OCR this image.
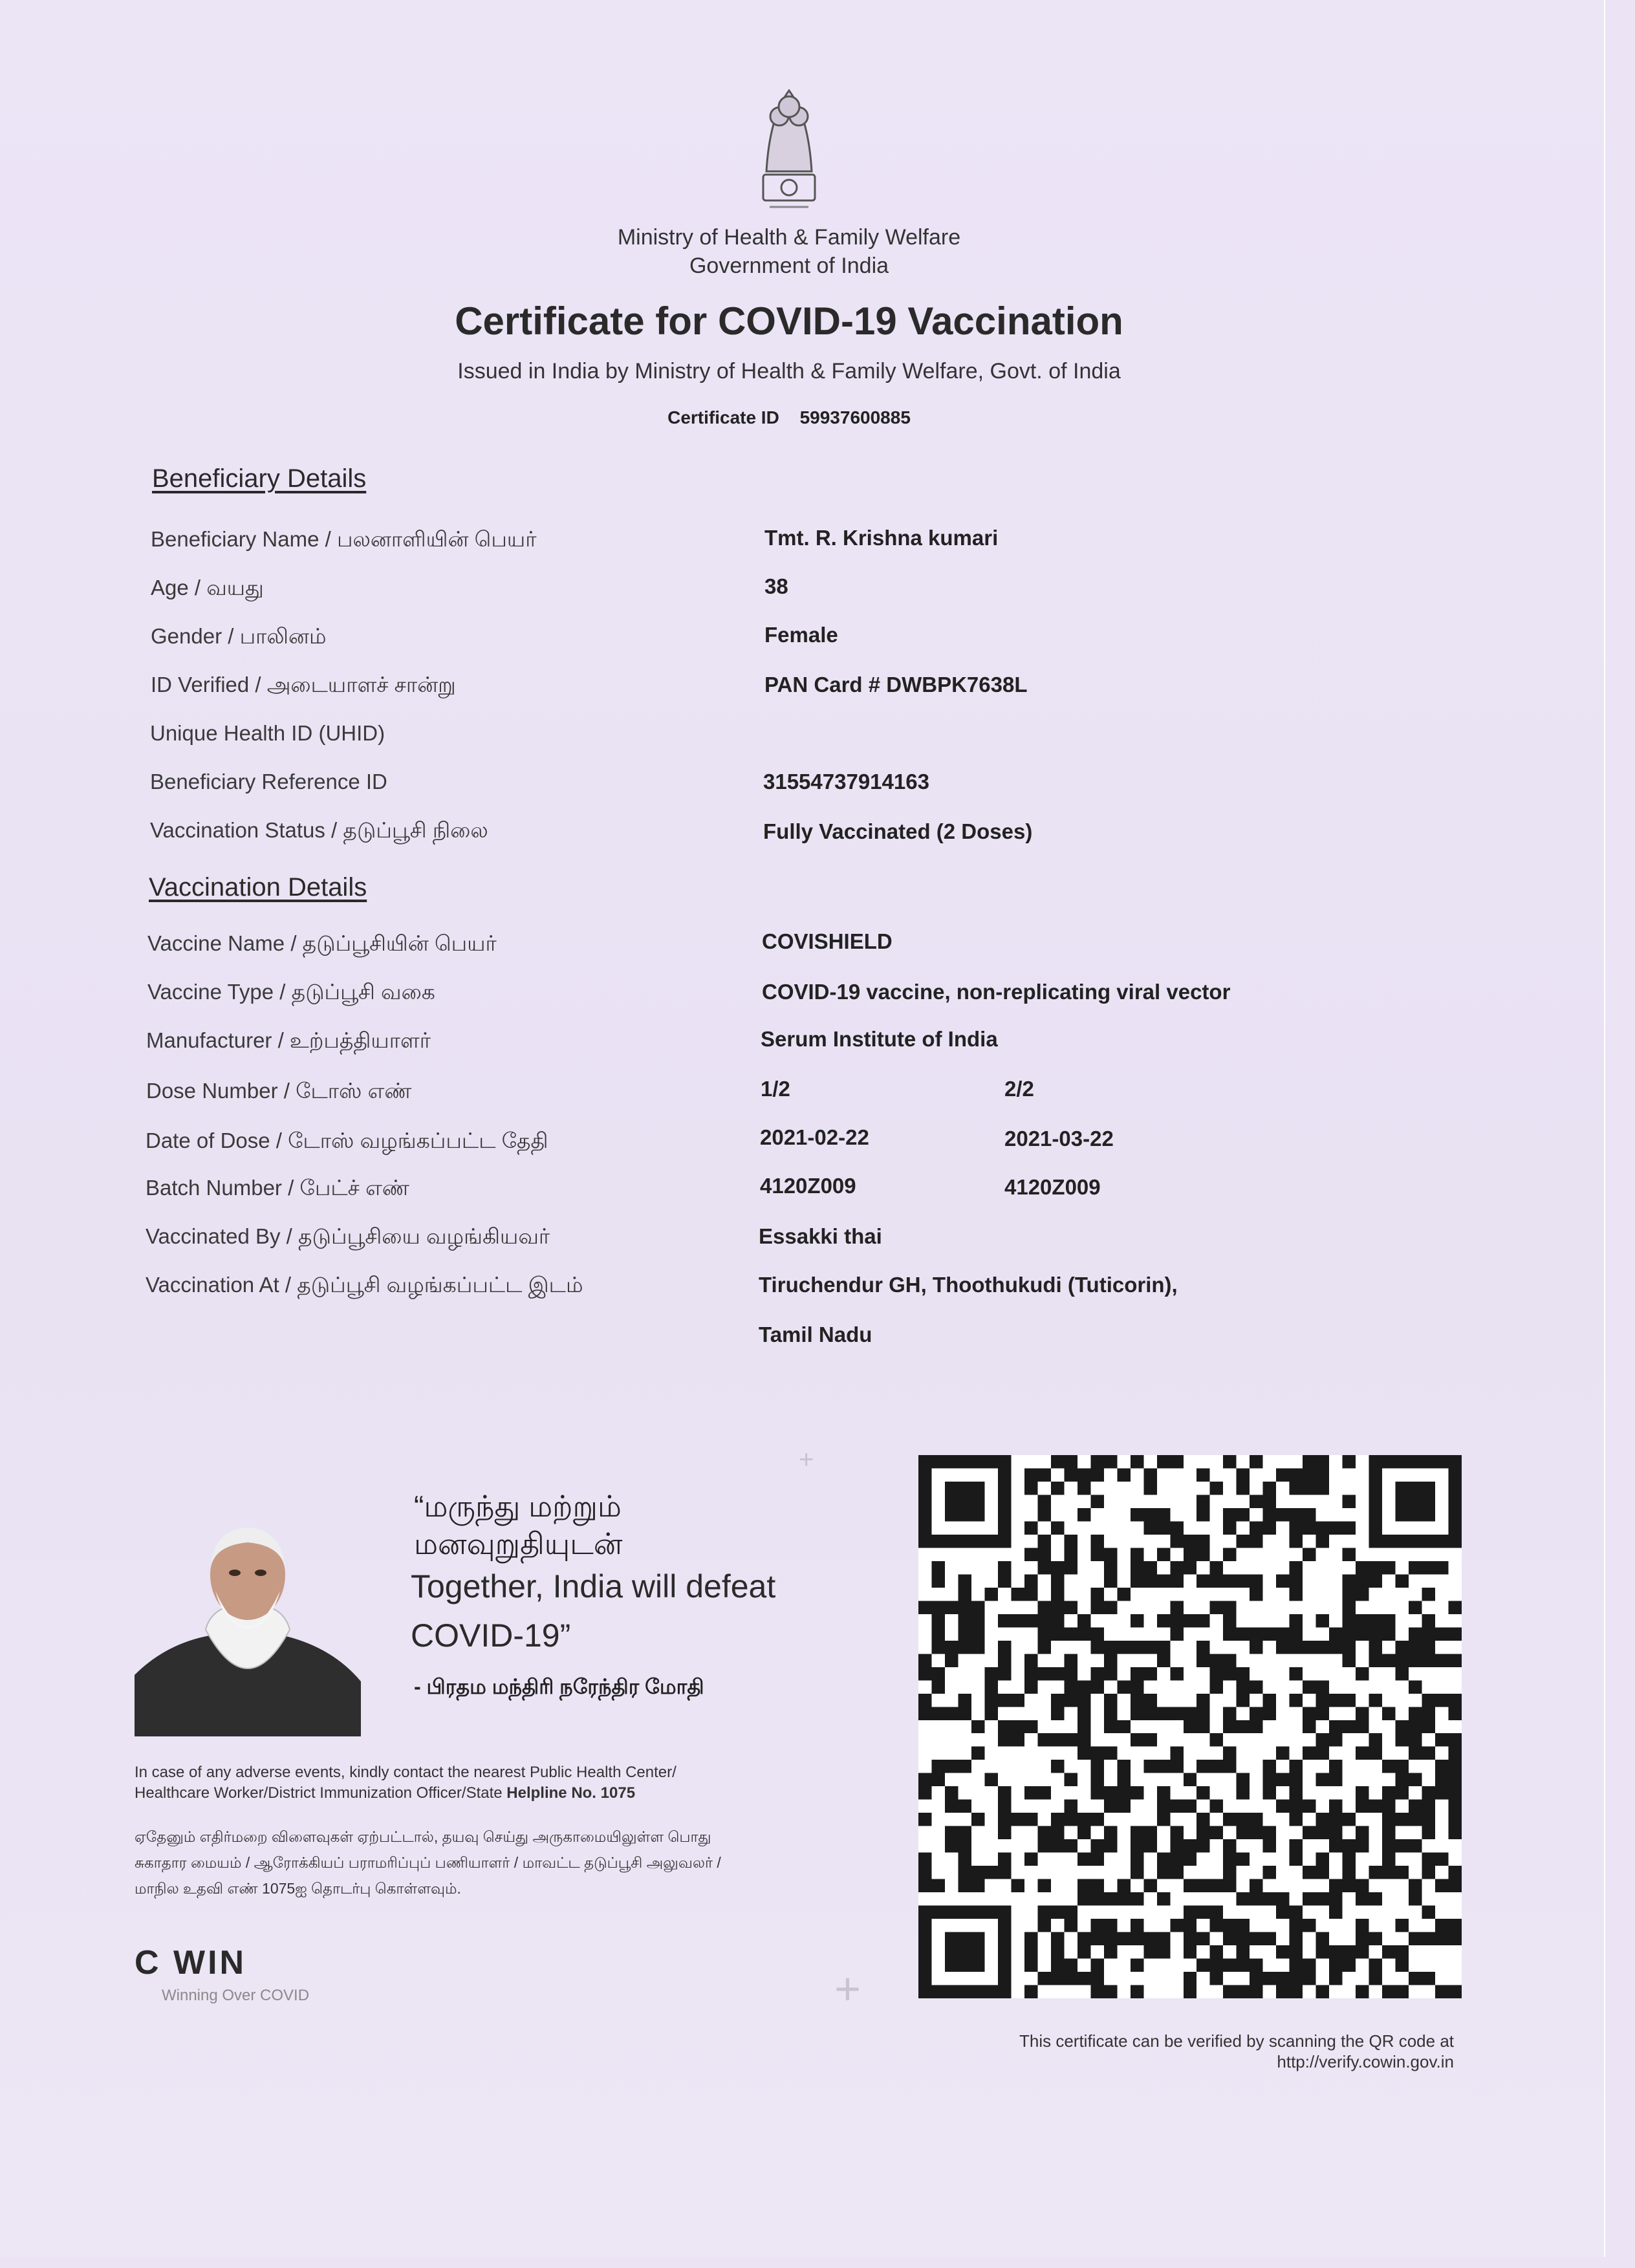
Ministry of Health & Family Welfare
Government of India
Certificate for COVID-19 Vaccination
Issued in India by Ministry of Health & Family Welfare, Govt. of India
Certificate ID 59937600885
Beneficiary Details
Beneficiary Name / பலனாளியின் பெயர்	Tmt. R. Krishna kumari
Age / வயது	38
Gender / பாலினம்	Female
ID Verified / அடையாளச் சான்று	PAN Card # DWBPK7638L
Unique Health ID (UHID)
Beneficiary Reference ID	31554737914163
Vaccination Status / தடுப்பூசி நிலை	Fully Vaccinated (2 Doses)
Vaccination Details
Vaccine Name / தடுப்பூசியின் பெயர்	COVISHIELD
Vaccine Type / தடுப்பூசி வகை	COVID-19 vaccine, non-replicating viral vector
Manufacturer / உற்பத்தியாளர்	Serum Institute of India
Dose Number / டோஸ் எண்	1/2	2/2
Date of Dose / டோஸ் வழங்கப்பட்ட தேதி	2021-02-22	2021-03-22
Batch Number / பேட்ச் எண்	4120Z009	4120Z009
Vaccinated By / தடுப்பூசியை வழங்கியவர்	Essakki thai
Vaccination At / தடுப்பூசி வழங்கப்பட்ட இடம்	Tiruchendur GH, Thoothukudi (Tuticorin),
Tamil Nadu
“மருந்து மற்றும்
மனவுறுதியுடன்
Together, India will defeat COVID-19”
- பிரதம மந்திரி நரேந்திர மோதி
In case of any adverse events, kindly contact the nearest Public Health Center/
Healthcare Worker/District Immunization Officer/State Helpline No. 1075
ஏதேனும் எதிர்மறை விளைவுகள் ஏற்பட்டால், தயவு செய்து அருகாமையிலுள்ள பொது
சுகாதார மையம் / ஆரோக்கியப் பராமரிப்புப் பணியாளர் / மாவட்ட தடுப்பூசி அலுவலர் /
மாநில உதவி எண் 1075ஐ தொடர்பு கொள்ளவும்.
C WIN
Winning Over COVID
This certificate can be verified by scanning the QR code at
http://verify.cowin.gov.in
+
+
